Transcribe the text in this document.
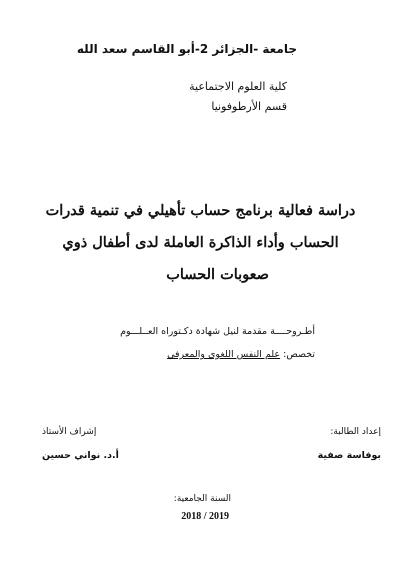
جامعة -الجزائر 2-أبو القاسم سعد الله
كلية العلوم الاجتماعية
قسم الأرطوفونيا
دراسة فعالية برنامج حساب تأهيلي في تنمية قدرات
الحساب وأداء الذاكرة العاملة لدى أطفال ذوي
صعوبات الحساب
أطـروحــــة مقدمة لنيل شهادة دكـتوراه العــلـــوم
تخصص: علم النفس اللغوي والمعرفي
إعداد الطالبة:
بوفاسة صفية
إشراف الأستاذ
أ.د. نواني حسين
السنة الجامعية:
2018 / 2019
